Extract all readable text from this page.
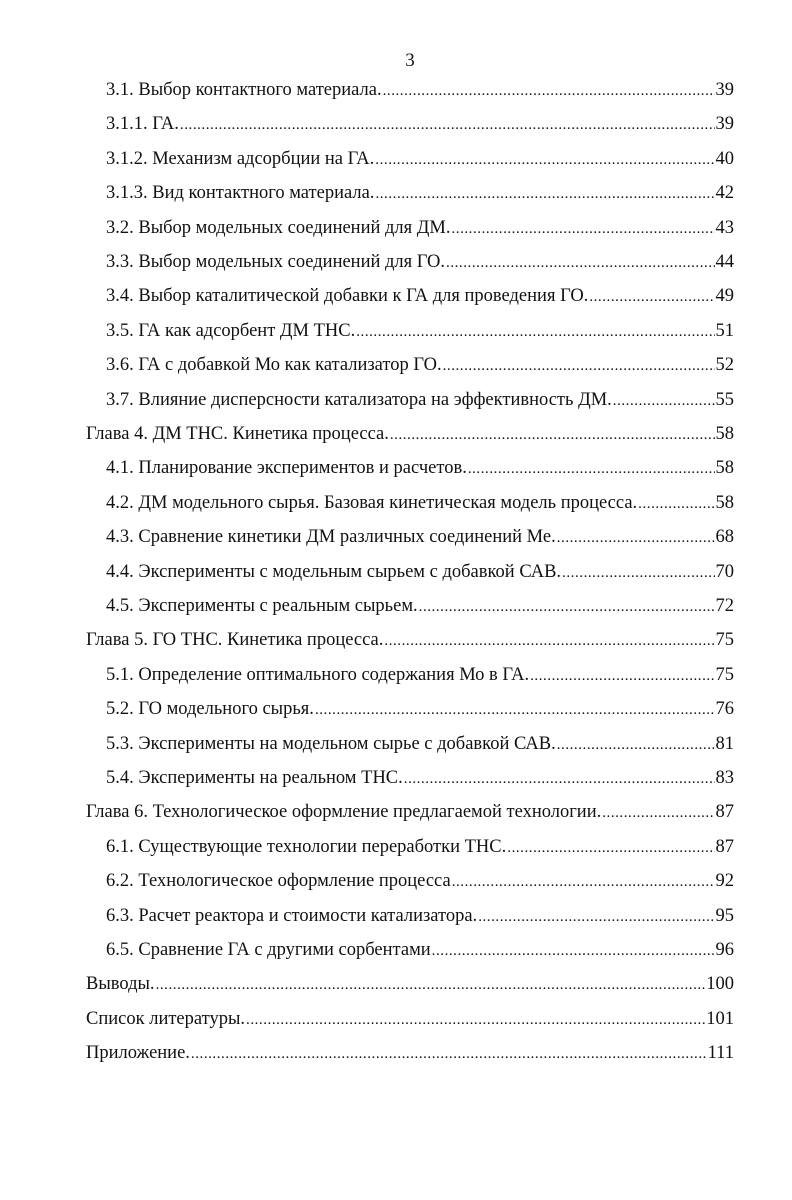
3
3.1. Выбор контактного материала. . . .	39
3.1.1. ГА. . . .	39
3.1.2. Механизм адсорбции на ГА. . . .	40
3.1.3. Вид контактного материала. . . .	42
3.2. Выбор модельных соединений для ДМ. . . .	43
3.3. Выбор модельных соединений для ГО. . . .	44
3.4. Выбор каталитической добавки к ГА для проведения ГО. . . .	49
3.5. ГА как адсорбент ДМ ТНС. . . .	51
3.6. ГА с добавкой Мо как катализатор ГО. . . .	52
3.7. Влияние дисперсности катализатора на эффективность ДМ. . . .	55
Глава 4. ДМ ТНС. Кинетика процесса. . . .	58
4.1. Планирование экспериментов и расчетов. . . .	58
4.2. ДМ модельного сырья. Базовая кинетическая модель процесса. . . .	58
4.3. Сравнение кинетики ДМ различных соединений Ме. . . .	68
4.4. Эксперименты с модельным сырьем с добавкой САВ. . . .	70
4.5. Эксперименты с реальным сырьем. . . .	72
Глава 5. ГО ТНС. Кинетика процесса. . . .	75
5.1. Определение оптимального содержания Мо в ГА. . . .	75
5.2. ГО модельного сырья. . . .	76
5.3. Эксперименты на модельном сырье с добавкой САВ. . . .	81
5.4. Эксперименты на реальном ТНС. . . .	83
Глава 6. Технологическое оформление предлагаемой технологии. . . .	87
6.1. Существующие технологии переработки ТНС. . . .	87
6.2. Технологическое оформление процесса . . .	92
6.3. Расчет реактора и стоимости катализатора. . . .	95
6.5. Сравнение ГА с другими сорбентами . . .	96
Выводы. . . .	100
Список литературы. . . .	101
Приложение. . . .	111
